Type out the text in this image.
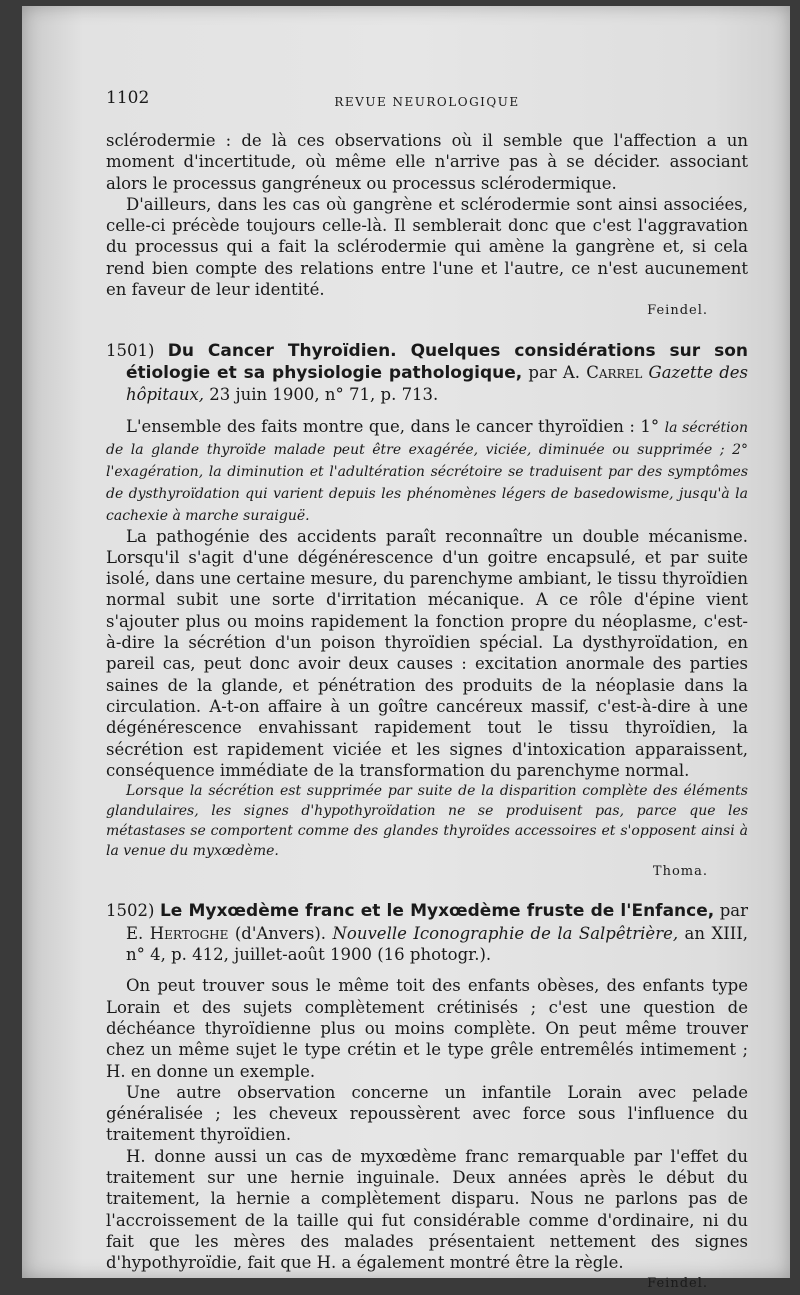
1102	REVUE NEUROLOGIQUE

sclérodermie : de là ces observations où il semble que l'affection a un moment d'incertitude, où même elle n'arrive pas à se décider. associant alors le processus gangréneux ou processus sclérodermique.

D'ailleurs, dans les cas où gangrène et sclérodermie sont ainsi associées, celle-ci précède toujours celle-là. Il semblerait donc que c'est l'aggravation du processus qui a fait la sclérodermie qui amène la gangrène et, si cela rend bien compte des relations entre l'une et l'autre, ce n'est aucunement en faveur de leur identité.

Feindel.

1501) Du Cancer Thyroïdien. Quelques considérations sur son étiologie et sa physiologie pathologique, par A. Carrel Gazette des hôpitaux, 23 juin 1900, n° 71, p. 713.

L'ensemble des faits montre que, dans le cancer thyroïdien : 1° la sécrétion de la glande thyroïde malade peut être exagérée, viciée, diminuée ou supprimée ; 2° l'exagération, la diminution et l'adultération sécrétoire se traduisent par des symptômes de dysthyroïdation qui varient depuis les phénomènes légers de basedowisme, jusqu'à la cachexie à marche suraiguë.

La pathogénie des accidents paraît reconnaître un double mécanisme. Lorsqu'il s'agit d'une dégénérescence d'un goitre encapsulé, et par suite isolé, dans une certaine mesure, du parenchyme ambiant, le tissu thyroïdien normal subit une sorte d'irritation mécanique. A ce rôle d'épine vient s'ajouter plus ou moins rapidement la fonction propre du néoplasme, c'est-à-dire la sécrétion d'un poison thyroïdien spécial. La dysthyroïdation, en pareil cas, peut donc avoir deux causes : excitation anormale des parties saines de la glande, et pénétration des produits de la néoplasie dans la circulation. A-t-on affaire à un goître cancéreux massif, c'est-à-dire à une dégénérescence envahissant rapidement tout le tissu thyroïdien, la sécrétion est rapidement viciée et les signes d'intoxication apparaissent, conséquence immédiate de la transformation du parenchyme normal.

Lorsque la sécrétion est supprimée par suite de la disparition complète des éléments glandulaires, les signes d'hypothyroïdation ne se produisent pas, parce que les métastases se comportent comme des glandes thyroïdes accessoires et s'opposent ainsi à la venue du myxœdème.

Thoma.

1502) Le Myxœdème franc et le Myxœdème fruste de l'Enfance, par E. Hertoghe (d'Anvers). Nouvelle Iconographie de la Salpêtrière, an XIII, n° 4, p. 412, juillet-août 1900 (16 photogr.).

On peut trouver sous le même toit des enfants obèses, des enfants type Lorain et des sujets complètement crétinisés ; c'est une question de déchéance thyroïdienne plus ou moins complète. On peut même trouver chez un même sujet le type crétin et le type grêle entremêlés intimement ; H. en donne un exemple.

Une autre observation concerne un infantile Lorain avec pelade généralisée ; les cheveux repoussèrent avec force sous l'influence du traitement thyroïdien.

H. donne aussi un cas de myxœdème franc remarquable par l'effet du traitement sur une hernie inguinale. Deux années après le début du traitement, la hernie a complètement disparu. Nous ne parlons pas de l'accroissement de la taille qui fut considérable comme d'ordinaire, ni du fait que les mères des malades présentaient nettement des signes d'hypothyroïdie, fait que H. a également montré être la règle.

Feindel.
